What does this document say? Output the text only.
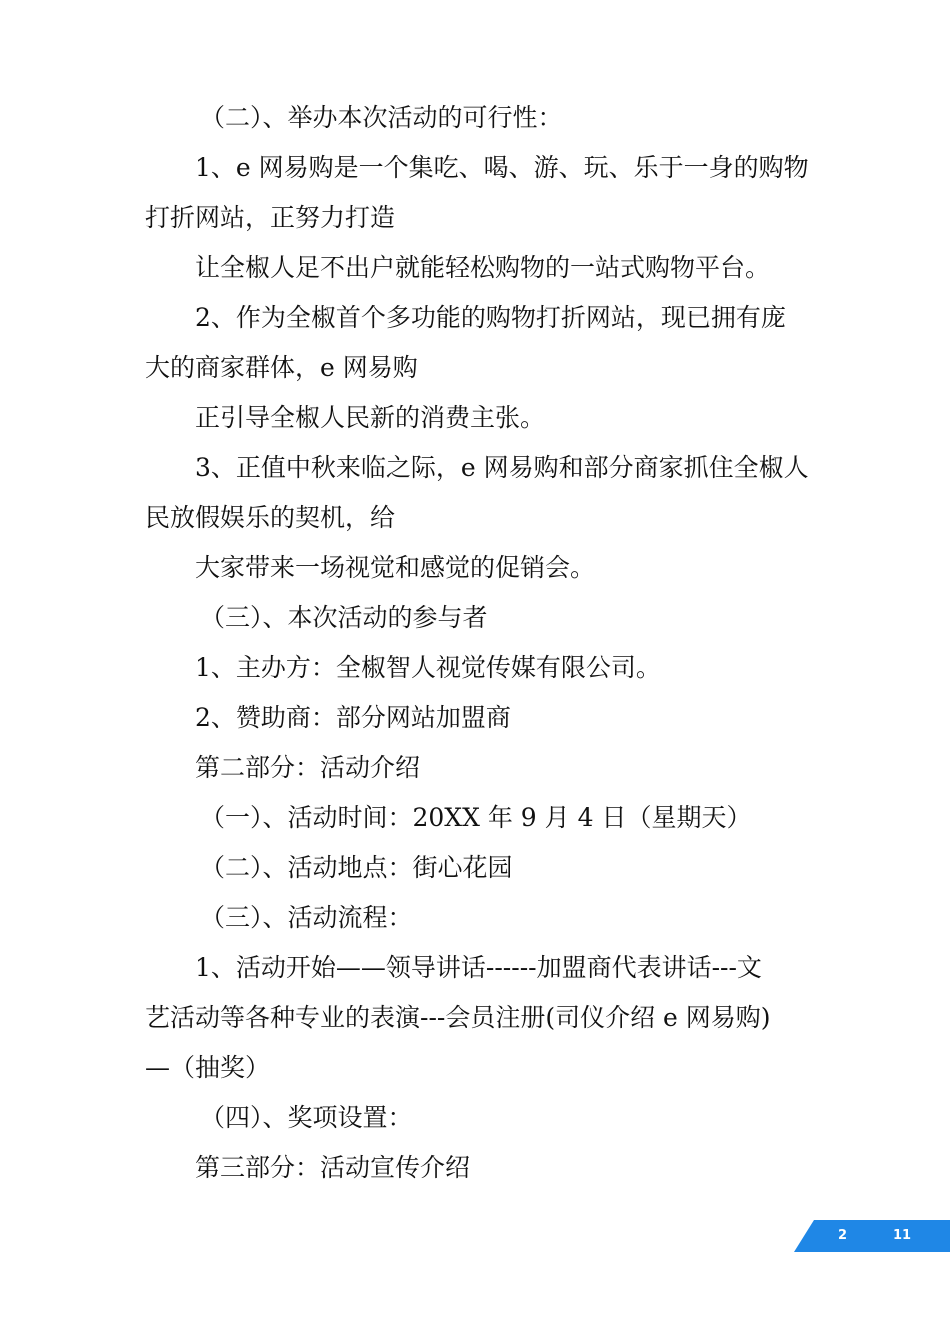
（二）、举办本次活动的可行性：
1、e 网易购是一个集吃、喝、游、玩、乐于一身的购物
打折网站，正努力打造
让全椒人足不出户就能轻松购物的一站式购物平台。
2、作为全椒首个多功能的购物打折网站，现已拥有庞
大的商家群体，e 网易购
正引导全椒人民新的消费主张。
3、正值中秋来临之际，e 网易购和部分商家抓住全椒人
民放假娱乐的契机，给
大家带来一场视觉和感觉的促销会。
（三）、本次活动的参与者
1、主办方：全椒智人视觉传媒有限公司。
2、赞助商：部分网站加盟商
第二部分：活动介绍
（一）、活动时间：20XX 年 9 月 4 日（星期天）
（二）、活动地点：街心花园
（三）、活动流程：
1、活动开始——领导讲话------加盟商代表讲话---文
艺活动等各种专业的表演---会员注册(司仪介绍 e 网易购)
—（抽奖）
（四）、奖项设置：
第三部分：活动宣传介绍
2	11
